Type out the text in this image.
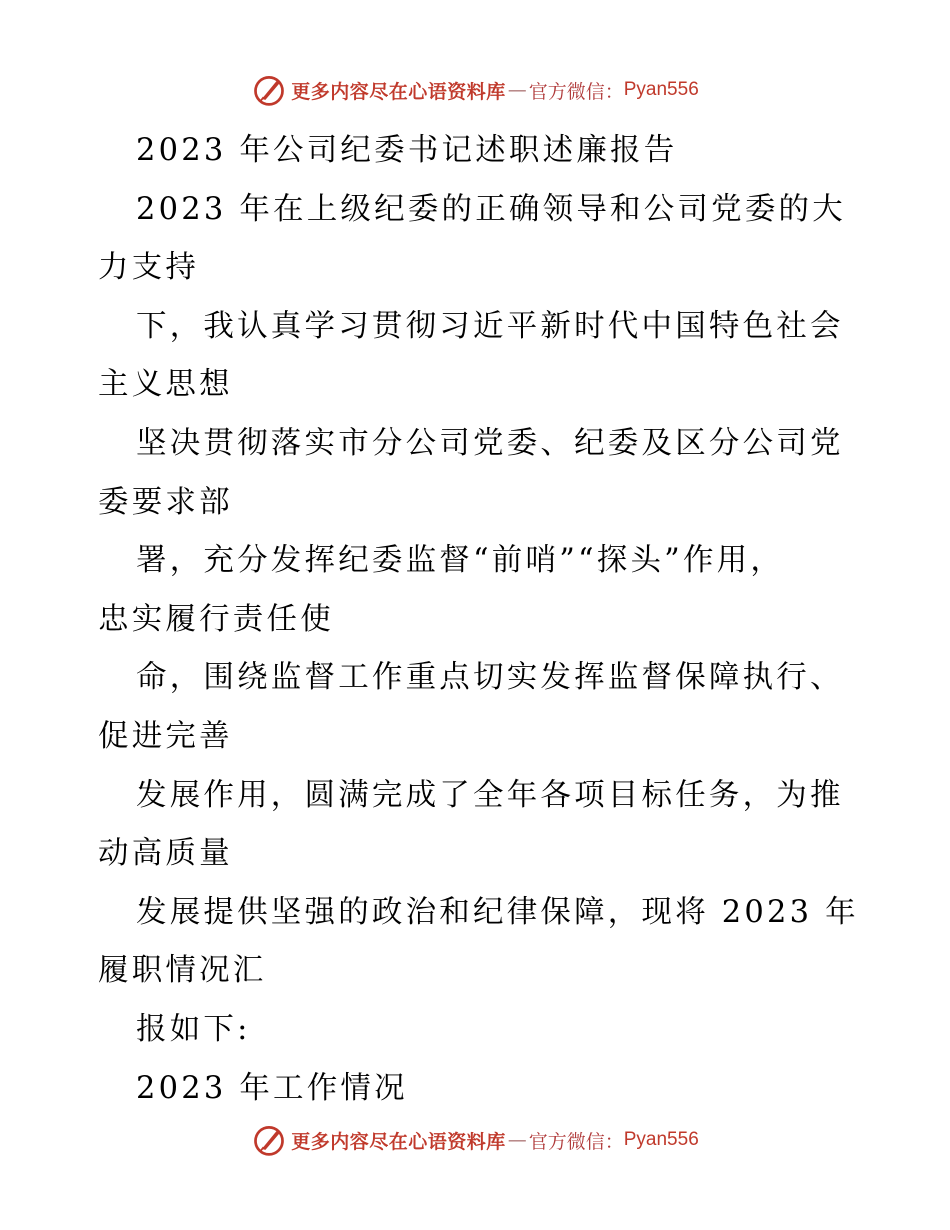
更多内容尽在心语资料库 — 官方微信： Pyan556
2023 年公司纪委书记述职述廉报告
2023 年在上级纪委的正确领导和公司党委的大
力支持
下，我认真学习贯彻习近平新时代中国特色社会
主义思想
坚决贯彻落实市分公司党委、纪委及区分公司党
委要求部
署，充分发挥纪委监督“前哨”“探头”作用，
忠实履行责任使
命，围绕监督工作重点切实发挥监督保障执行、
促进完善
发展作用，圆满完成了全年各项目标任务，为推
动高质量
发展提供坚强的政治和纪律保障，现将 2023 年
履职情况汇
报如下:
2023 年工作情况
更多内容尽在心语资料库 — 官方微信： Pyan556
